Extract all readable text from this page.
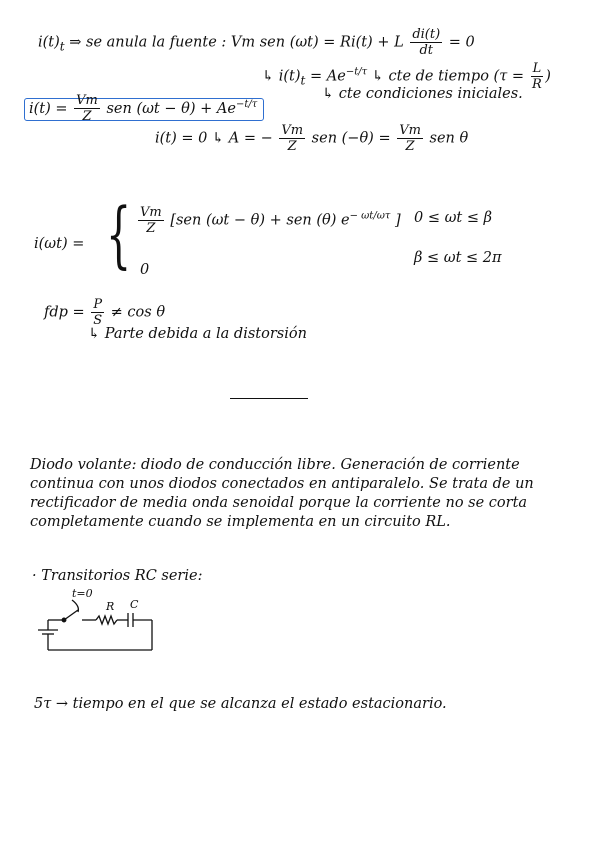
$i(t)_t$ ⇒ se anula la fuente : Vm sen (ωt) = Ri(t) + L $\frac{di(t)}{dt} = 0$
↳ $i(t)_t = Ae^{-t/\tau}$ ↳ cte de tiempo ($\tau = \frac{L}{R}$ )
↳ cte condiciones iniciales.
$i(t) = \frac{Vm}{Z}$ sen $(\omega t - \theta) + Ae^{-t/\tau}$
i(t) = 0 ↳ A = − $\frac{Vm}{Z}$ sen $(-\theta) = \frac{Vm}{Z}$ sen θ
i(ωt) = { $\frac{Vm}{Z} [sen$ (ωt − θ) + sen (θ) $e^{- \omega t/\omega\tau}$ ] 0 ≤ ωt ≤ β
0
β ≤ ωt ≤ 2π
fdp = $\frac{P}{S} \ne \cos \theta$
↳ Parte debida a la distorsión
Diodo volante: diodo de conducción libre. Generación de corriente continua con unos diodos conectados en antiparalelo. Se trata de un rectificador de media onda senoidal porque la corriente no se corta completamente cuando se implementa en un circuito RL.
· Transitorios RC serie:
t=0
R C
5τ → tiempo en el que se alcanza el estado estacionario.
